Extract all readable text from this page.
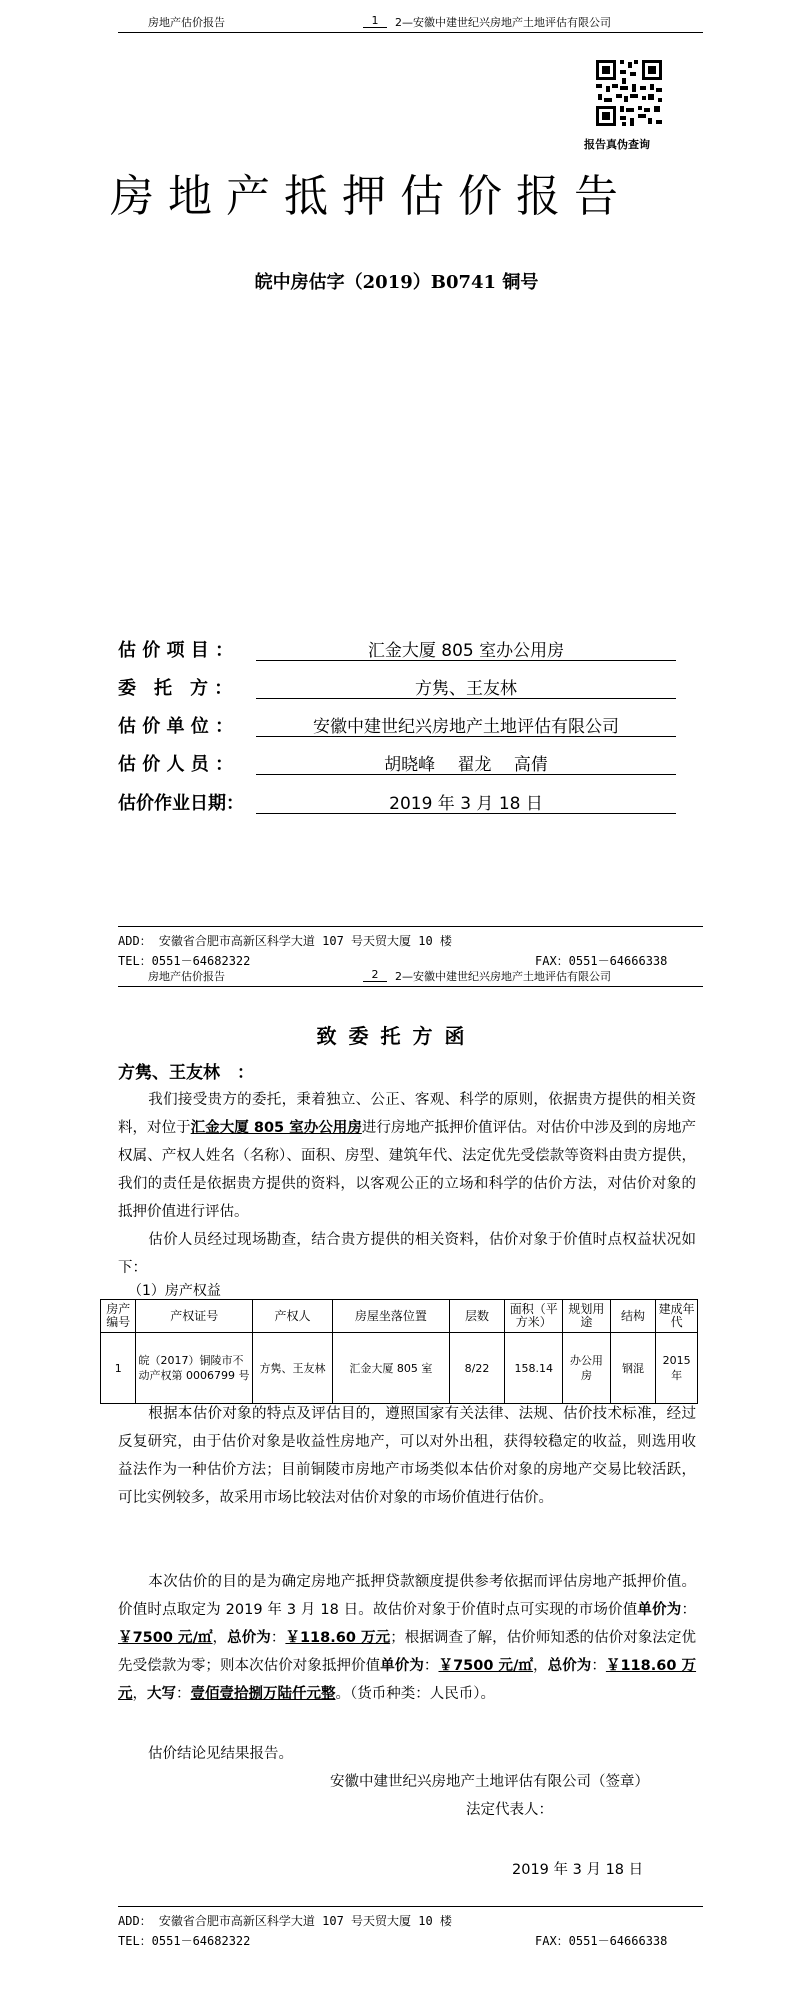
房地产估价报告	1	2—安徽中建世纪兴房地产土地评估有限公司
报告真伪查询
房地产抵押估价报告
皖中房估字（2019）B0741 铜号
估 价 项 目 ：	汇金大厦 805 室办公用房
委　托　方 ：	方隽、王友林
估 价 单 位 ：	安徽中建世纪兴房地产土地评估有限公司
估 价 人 员 ：	胡晓峰　 翟龙　 高倩
估价作业日期：	2019 年 3 月 18 日
ADD： 安徽省合肥市高新区科学大道 107 号天贸大厦 10 楼
TEL：0551－64682322	FAX：0551－64666338
房地产估价报告	2	2—安徽中建世纪兴房地产土地评估有限公司
致委托方函
方隽、王友林　：
我们接受贵方的委托，秉着独立、公正、客观、科学的原则，依据贵方提供的相关资料，对位于汇金大厦 805 室办公用房进行房地产抵押价值评估。对估价中涉及到的房地产权属、产权人姓名（名称）、面积、房型、建筑年代、法定优先受偿款等资料由贵方提供，我们的责任是依据贵方提供的资料，以客观公正的立场和科学的估价方法，对估价对象的抵押价值进行评估。
估价人员经过现场勘查，结合贵方提供的相关资料，估价对象于价值时点权益状况如下：
（1）房产权益
房产编号	产权证号	产权人	房屋坐落位置	层数	面积（平方米）	规划用途	结构	建成年代
1	皖（2017）铜陵市不动产权第 0006799 号	方隽、王友林	汇金大厦 805 室	8/22	158.14	办公用房	钢混	2015 年
根据本估价对象的特点及评估目的，遵照国家有关法律、法规、估价技术标准，经过反复研究，由于估价对象是收益性房地产，可以对外出租，获得较稳定的收益，则选用收益法作为一种估价方法；目前铜陵市房地产市场类似本估价对象的房地产交易比较活跃，可比实例较多，故采用市场比较法对估价对象的市场价值进行估价。
本次估价的目的是为确定房地产抵押贷款额度提供参考依据而评估房地产抵押价值。价值时点取定为 2019 年 3 月 18 日。故估价对象于价值时点可实现的市场价值单价为：￥7500 元/㎡，总价为：￥118.60 万元；根据调查了解，估价师知悉的估价对象法定优先受偿款为零；则本次估价对象抵押价值单价为：￥7500 元/㎡，总价为：￥118.60 万元，大写：壹佰壹拾捌万陆仟元整。（货币种类：人民币）。
估价结论见结果报告。
安徽中建世纪兴房地产土地评估有限公司（签章）
法定代表人：
2019 年 3 月 18 日
ADD： 安徽省合肥市高新区科学大道 107 号天贸大厦 10 楼
TEL：0551－64682322	FAX：0551－64666338
